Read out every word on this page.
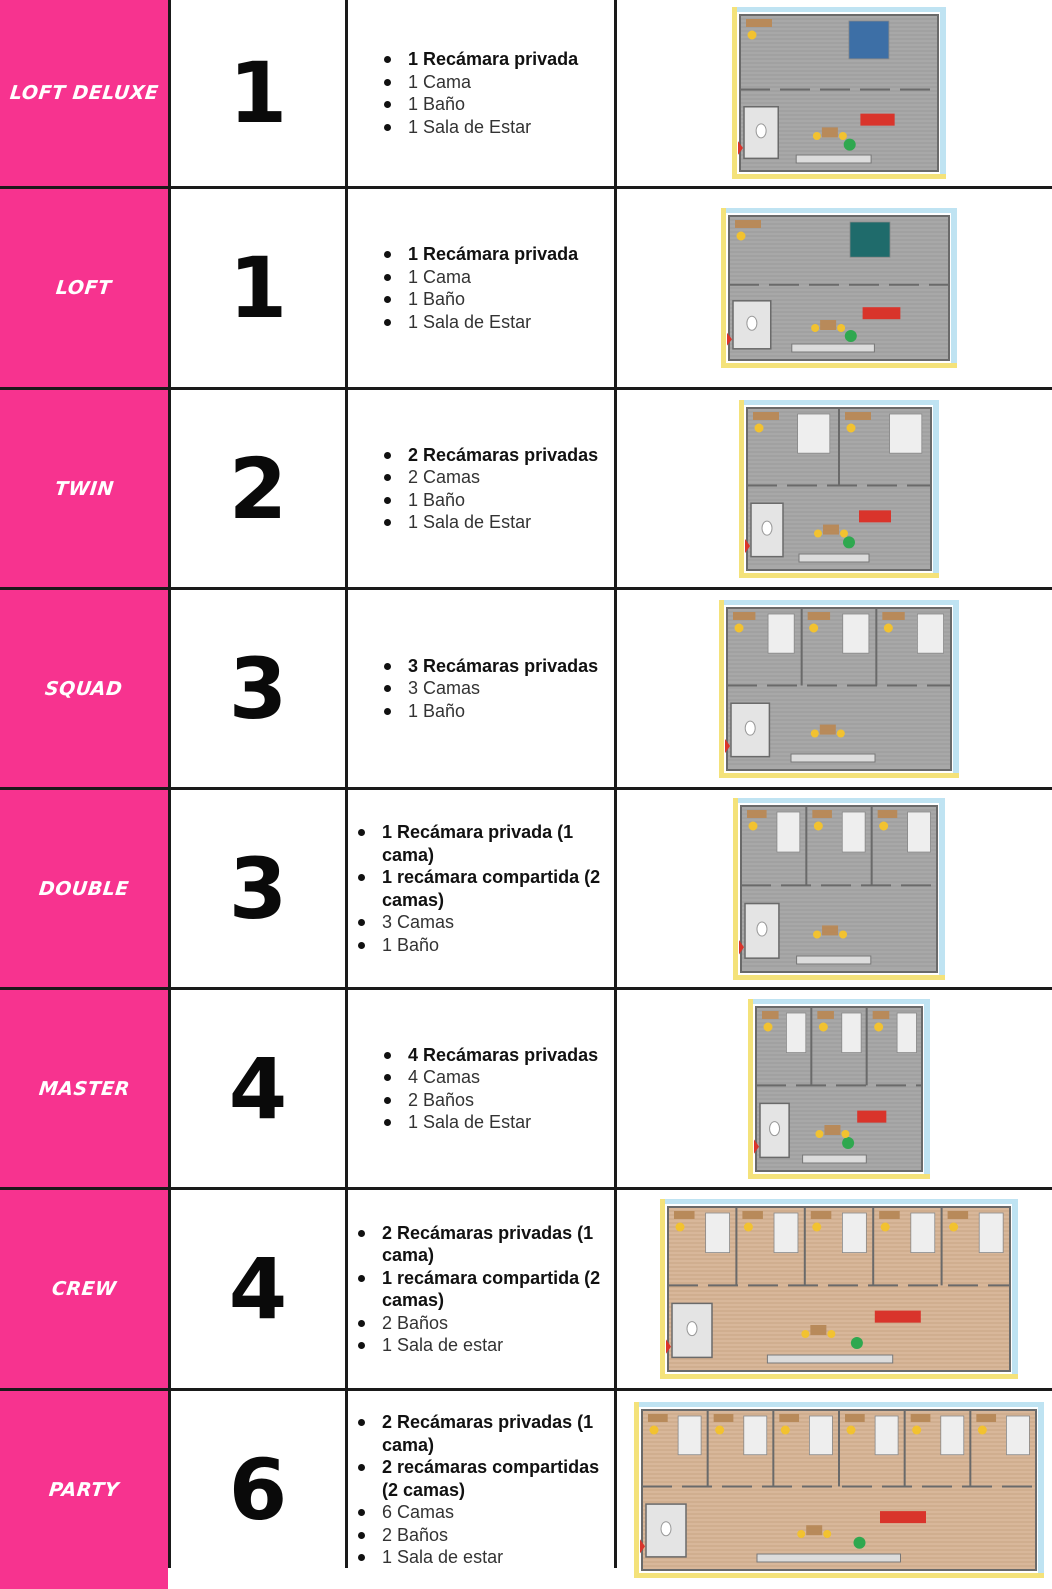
LOFT DELUXE 1	1 Recámara privada
1 Cama
1 Baño
1 Sala de Estar
LOFT 1	1 Recámara privada
1 Cama
1 Baño
1 Sala de Estar
TWIN 2	2 Recámaras privadas
2 Camas
1 Baño
1 Sala de Estar
SQUAD 3	3 Recámaras privadas
3 Camas
1 Baño
DOUBLE 3
1 Recámara privada (1 cama)
1 recámara compartida (2 camas)
3 Camas
1 Baño
MASTER 4	4 Recámaras privadas
4 Camas
2 Baños
1 Sala de Estar
CREW 4
2 Recámaras privadas (1 cama)
1 recámara compartida (2 camas)
2 Baños
1 Sala de estar
PARTY 6
2 Recámaras privadas (1 cama)
2 recámaras compartidas (2 camas)
6 Camas
2 Baños
1 Sala de estar
